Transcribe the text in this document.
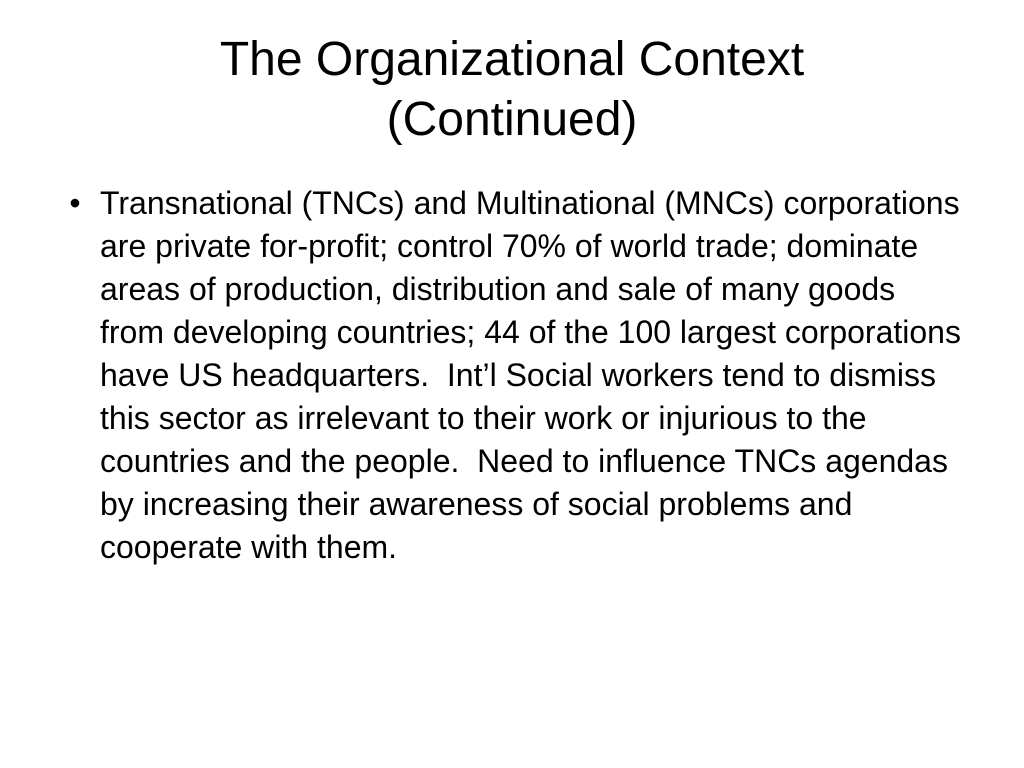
The Organizational Context
(Continued)
• Transnational (TNCs) and Multinational (MNCs) corporations are private for-profit; control 70% of world trade; dominate areas of production, distribution and sale of many goods from developing countries; 44 of the 100 largest corporations have US headquarters.  Int’l Social workers tend to dismiss this sector as irrelevant to their work or injurious to the countries and the people.  Need to influence TNCs agendas by increasing their awareness of social problems and cooperate with them.
